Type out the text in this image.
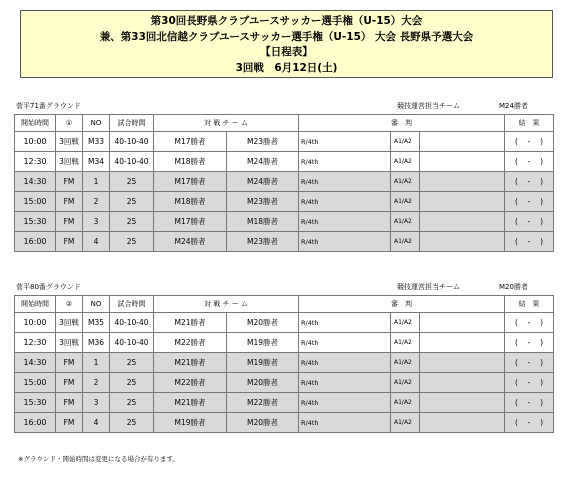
第30回長野県クラブユースサッカー選手権（U-15）大会
兼、第33回北信越クラブユースサッカー選手権（U-15） 大会 長野県予選大会
【日程表】
3回戦　6月12日(土)
菅平71番グラウンド	競技運営担当チーム	M24勝者
開始時間	①	NO	試合時間	対 戦 チ ー ム		審　判			結　果
10:00	3回戦	M33	40-10-40	M17勝者	M23勝者	R/4th	A1/A2		( - )

12:30	3回戦	M34	40-10-40	M18勝者	M24勝者	R/4th	A1/A2		( - )

14:30	FM	1	25	M17勝者	M24勝者	R/4th	A1/A2		( - )

15:00	FM	2	25	M18勝者	M23勝者	R/4th	A1/A2		( - )

15:30	FM	3	25	M17勝者	M18勝者	R/4th	A1/A2		( - )

16:00	FM	4	25	M24勝者	M23勝者	R/4th	A1/A2		( - )
菅平80番グラウンド	競技運営担当チーム	M20勝者
開始時間	②	NO	試合時間	対 戦 チ ー ム		審　判			結　果
10:00	3回戦	M35	40-10-40	M21勝者	M20勝者	R/4th	A1/A2		( - )

12:30	3回戦	M36	40-10-40	M22勝者	M19勝者	R/4th	A1/A2		( - )

14:30	FM	1	25	M21勝者	M19勝者	R/4th	A1/A2		( - )

15:00	FM	2	25	M22勝者	M20勝者	R/4th	A1/A2		( - )

15:30	FM	3	25	M21勝者	M22勝者	R/4th	A1/A2		( - )

16:00	FM	4	25	M19勝者	M20勝者	R/4th	A1/A2		( - )
※グラウンド・開始時間は変更になる場合が有ります。
